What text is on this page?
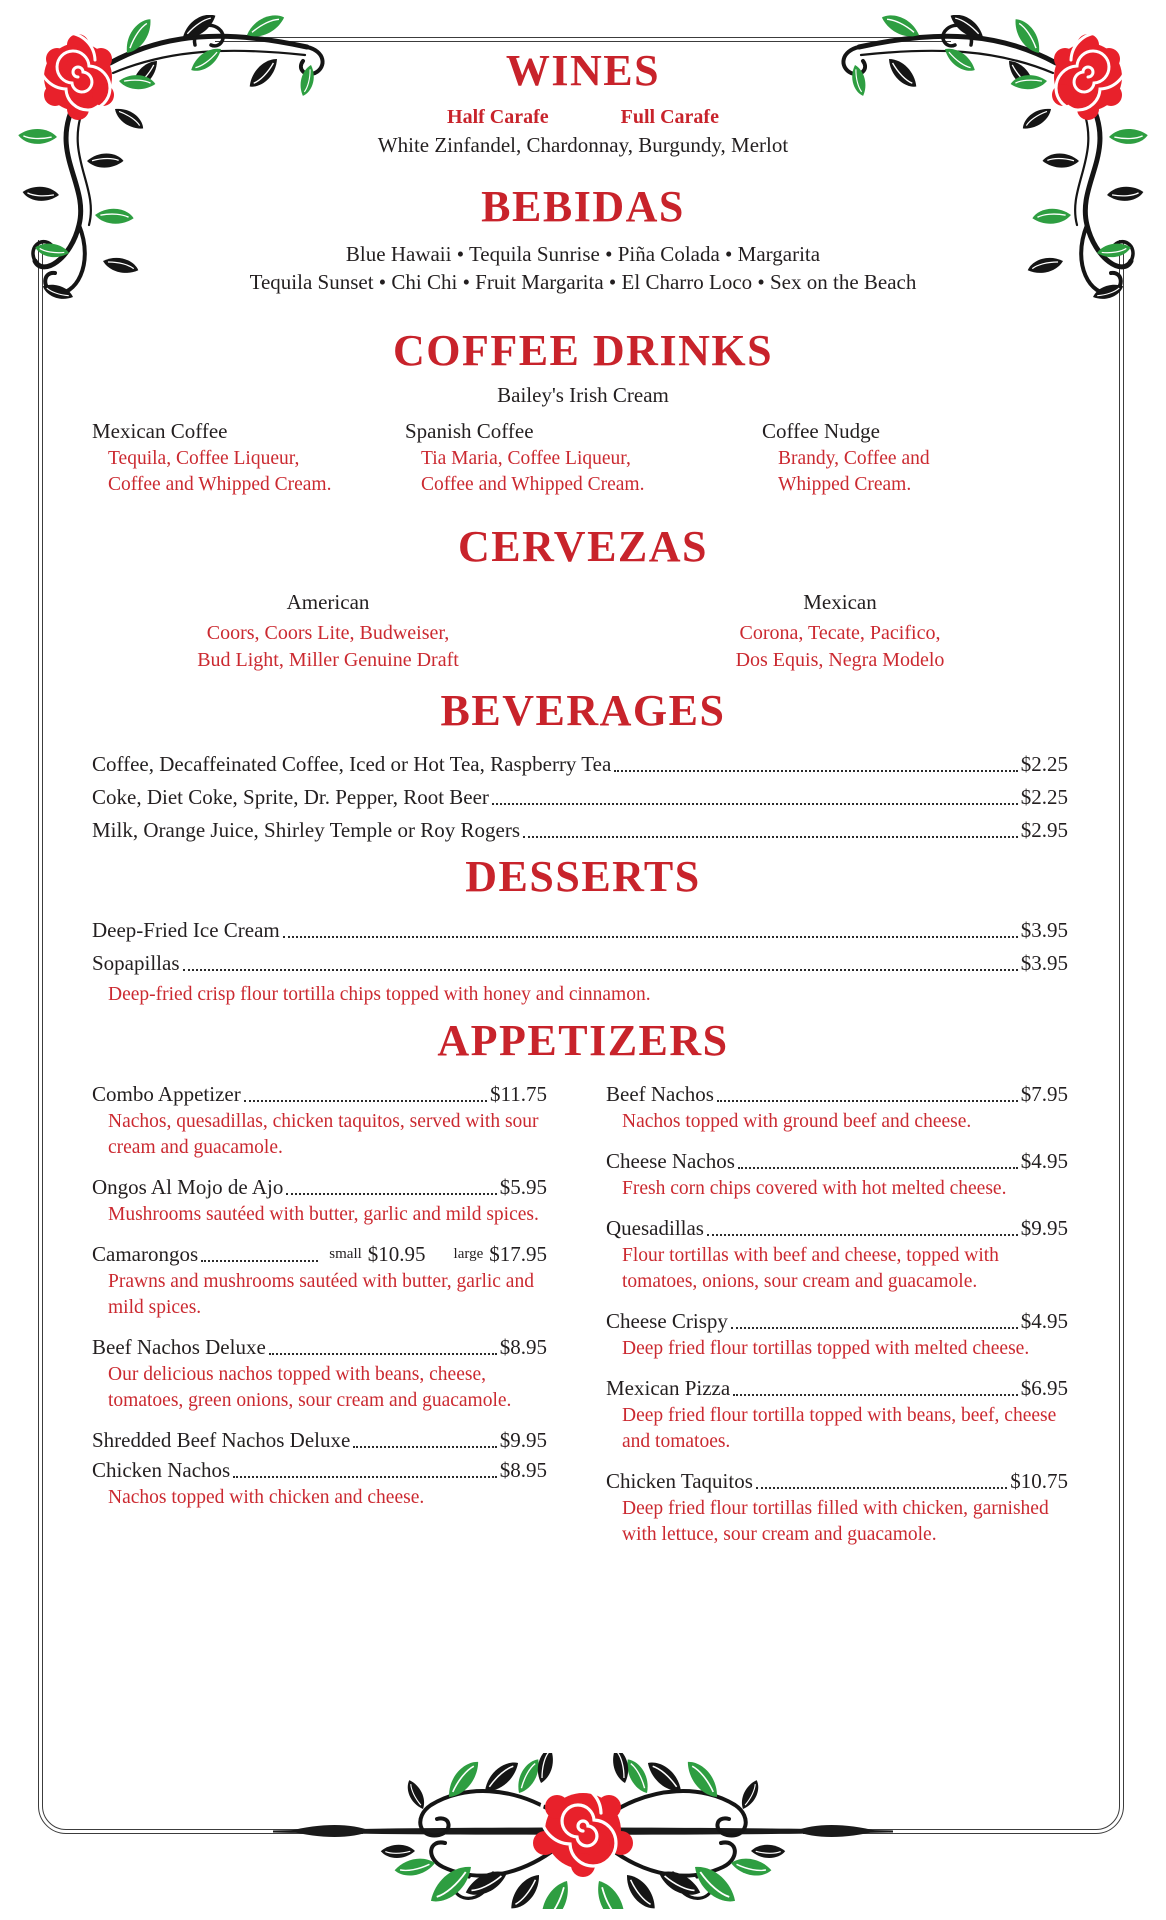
WINES
Half Carafe	Full Carafe
White Zinfandel, Chardonnay, Burgundy, Merlot
BEBIDAS
Blue Hawaii • Tequila Sunrise • Piña Colada • Margarita
Tequila Sunset • Chi Chi • Fruit Margarita • El Charro Loco • Sex on the Beach
COFFEE DRINKS
Bailey's Irish Cream
Mexican Coffee
Tequila, Coffee Liqueur, Coffee and Whipped Cream.
Spanish Coffee
Tia Maria, Coffee Liqueur, Coffee and Whipped Cream.
Coffee Nudge
Brandy, Coffee and Whipped Cream.
CERVEZAS
American
Coors, Coors Lite, Budweiser,
Bud Light, Miller Genuine Draft
Mexican
Corona, Tecate, Pacifico,
Dos Equis, Negra Modelo
BEVERAGES
Coffee, Decaffeinated Coffee, Iced or Hot Tea, Raspberry Tea	$2.25
Coke, Diet Coke, Sprite, Dr. Pepper, Root Beer	$2.25
Milk, Orange Juice, Shirley Temple or Roy Rogers	$2.95
DESSERTS
Deep-Fried Ice Cream	$3.95
Sopapillas	$3.95
Deep-fried crisp flour tortilla chips topped with honey and cinnamon.
APPETIZERS
Combo Appetizer	$11.75
Nachos, quesadillas, chicken taquitos, served with sour cream and guacamole.
Ongos Al Mojo de Ajo	$5.95
Mushrooms sautéed with butter, garlic and mild spices.
Camarongos	small $10.95 large $17.95
Prawns and mushrooms sautéed with butter, garlic and mild spices.
Beef Nachos Deluxe	$8.95
Our delicious nachos topped with beans, cheese, tomatoes, green onions, sour cream and guacamole.
Shredded Beef Nachos Deluxe	$9.95
Chicken Nachos	$8.95
Nachos topped with chicken and cheese.
Beef Nachos	$7.95
Nachos topped with ground beef and cheese.
Cheese Nachos	$4.95
Fresh corn chips covered with hot melted cheese.
Quesadillas	$9.95
Flour tortillas with beef and cheese, topped with tomatoes, onions, sour cream and guacamole.
Cheese Crispy	$4.95
Deep fried flour tortillas topped with melted cheese.
Mexican Pizza	$6.95
Deep fried flour tortilla topped with beans, beef, cheese and tomatoes.
Chicken Taquitos	$10.75
Deep fried flour tortillas filled with chicken, garnished with lettuce, sour cream and guacamole.
